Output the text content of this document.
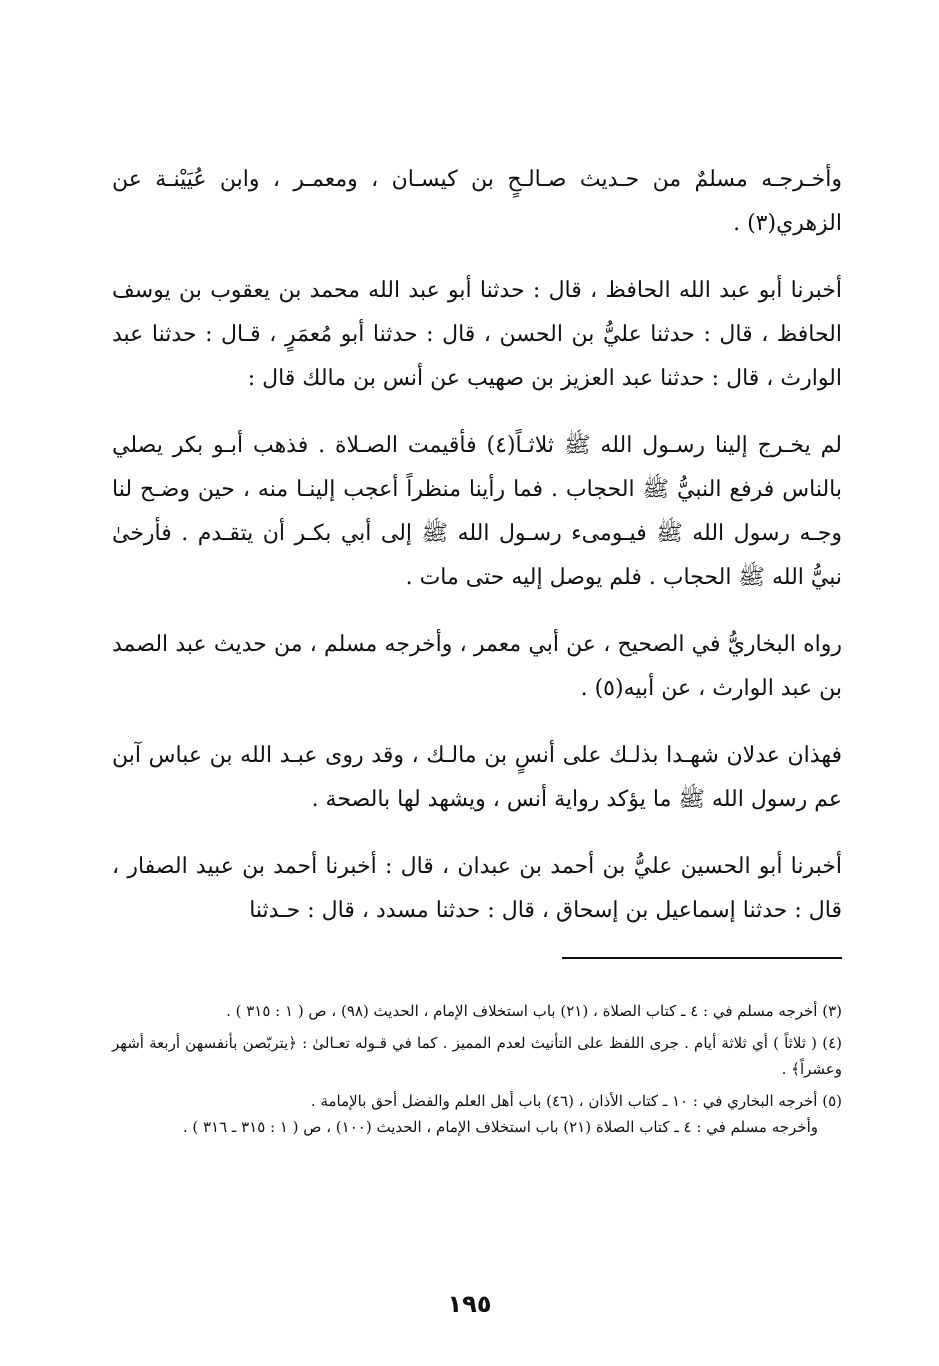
وأخـرجـه مسلمٌ من حـديث صـالـحٍ بن كيسـان ، ومعمـر ، وابن عُيَيْنـة عن الزهري(٣) .

أخبرنا أبو عبد الله الحافظ ، قال : حدثنا أبو عبد الله محمد بن يعقوب بن يوسف الحافظ ، قال : حدثنا عليُّ بن الحسن ، قال : حدثنا أبو مُعمَرٍ ، قـال : حدثنا عبد الوارث ، قال : حدثنا عبد العزيز بن صهيب عن أنس بن مالك قال :

لم يخـرج إلينا رسـول الله ﷺ ثلاثـاً(٤) فأقيمت الصـلاة . فذهب أبـو بكر يصلي بالناس فرفع النبيُّ ﷺ الحجاب . فما رأينا منظراً أعجب إلينـا منه ، حين وضـح لنا وجـه رسول الله ﷺ فيـومىء رسـول الله ﷺ إلى أبي بكـر أن يتقـدم . فأرخىٰ نبيُّ الله ﷺ الحجاب . فلم يوصل إليه حتى مات .

رواه البخاريُّ في الصحيح ، عن أبي معمر ، وأخرجه مسلم ، من حديث عبد الصمد بن عبد الوارث ، عن أبيه(٥) .

فهذان عدلان شهـدا بذلـك على أنسٍ بن مالـك ، وقد روى عبـد الله بن عباس آبن عم رسول الله ﷺ ما يؤكد رواية أنس ، ويشهد لها بالصحة .

أخبرنا أبو الحسين عليُّ بن أحمد بن عبدان ، قال : أخبرنا أحمد بن عبيد الصفار ، قال : حدثنا إسماعيل بن إسحاق ، قال : حدثنا مسدد ، قال : حـدثنا

(٣) أخرجه مسلم في : ٤ ـ كتاب الصلاة ، (٢١) باب استخلاف الإمام ، الحديث (٩٨) ، ص ( ١ : ٣١٥ ) .

(٤) ( ثلاثاً ) أي ثلاثة أيام . جرى اللفظ على التأنيث لعدم المميز . كما في قـوله تعـالىٰ : ﴿يتربّصن بأنفسهن أربعة أشهر وعشراً﴾ .

(٥) أخرجه البخاري في : ١٠ ـ كتاب الأذان ، (٤٦) باب أهل العلم والفضل أحق بالإمامة .

وأخرجه مسلم في : ٤ ـ كتاب الصلاة (٢١) باب استخلاف الإمام ، الحديث (١٠٠) ، ص ( ١ : ٣١٥ ـ ٣١٦ ) .

١٩٥
